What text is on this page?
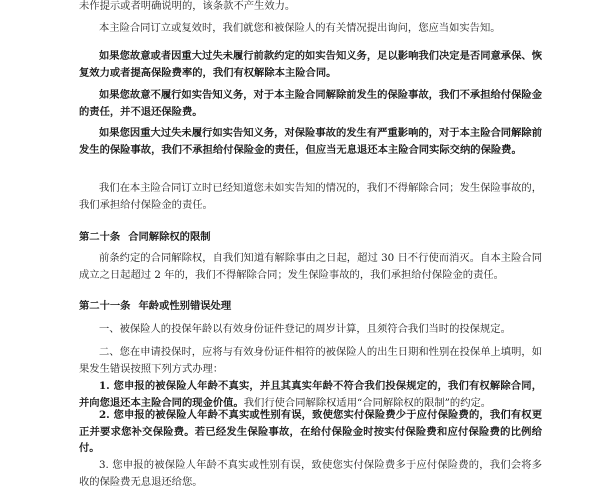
未作提示或者明确说明的，该条款不产生效力。

本主险合同订立或复效时，我们就您和被保险人的有关情况提出询问，您应当如实告知。

如果您故意或者因重大过失未履行前款约定的如实告知义务，足以影响我们决定是否同意承保、恢复效力或者提高保险费率的，我们有权解除本主险合同。

如果您故意不履行如实告知义务，对于本主险合同解除前发生的保险事故，我们不承担给付保险金的责任，并不退还保险费。

如果您因重大过失未履行如实告知义务，对保险事故的发生有严重影响的，对于本主险合同解除前发生的保险事故，我们不承担给付保险金的责任，但应当无息退还本主险合同实际交纳的保险费。

我们在本主险合同订立时已经知道您未如实告知的情况的，我们不得解除合同；发生保险事故的，我们承担给付保险金的责任。

第二十条 合同解除权的限制

前条约定的合同解除权，自我们知道有解除事由之日起，超过 30 日不行使而消灭。自本主险合同成立之日起超过 2 年的，我们不得解除合同；发生保险事故的，我们承担给付保险金的责任。

第二十一条 年龄或性别错误处理

一、被保险人的投保年龄以有效身份证件登记的周岁计算，且须符合我们当时的投保规定。

二、您在申请投保时，应将与有效身份证件相符的被保险人的出生日期和性别在投保单上填明，如果发生错误按照下列方式办理：

1. 您申报的被保险人年龄不真实，并且其真实年龄不符合我们投保规定的，我们有权解除合同，并向您退还本主险合同的现金价值。我们行使合同解除权适用“合同解除权的限制”的约定。

2. 您申报的被保险人年龄不真实或性别有误，致使您实付保险费少于应付保险费的，我们有权更正并要求您补交保险费。若已经发生保险事故，在给付保险金时按实付保险费和应付保险费的比例给付。

3. 您申报的被保险人年龄不真实或性别有误，致使您实付保险费多于应付保险费的，我们会将多收的保险费无息退还给您。
